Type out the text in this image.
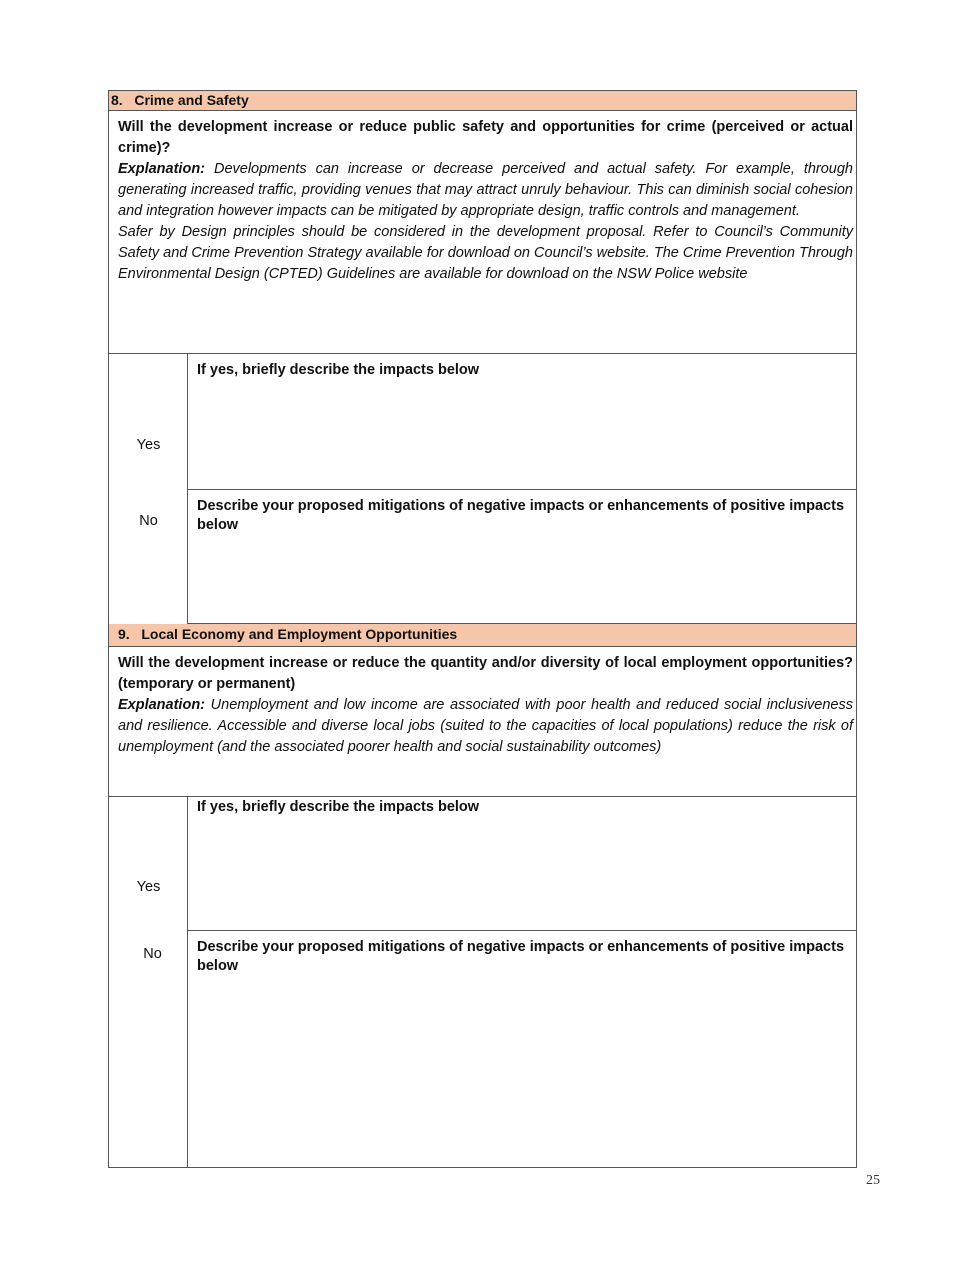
8. Crime and Safety
Will the development increase or reduce public safety and opportunities for crime (perceived or actual crime)?
Explanation: Developments can increase or decrease perceived and actual safety. For example, through generating increased traffic, providing venues that may attract unruly behaviour. This can diminish social cohesion and integration however impacts can be mitigated by appropriate design, traffic controls and management.
Safer by Design principles should be considered in the development proposal. Refer to Council’s Community Safety and Crime Prevention Strategy available for download on Council’s website. The Crime Prevention Through Environmental Design (CPTED) Guidelines are available for download on the NSW Police website
Yes
No
If yes, briefly describe the impacts below
Describe your proposed mitigations of negative impacts or enhancements of positive impacts below
9. Local Economy and Employment Opportunities
Will the development increase or reduce the quantity and/or diversity of local employment opportunities? (temporary or permanent)
Explanation: Unemployment and low income are associated with poor health and reduced social inclusiveness and resilience. Accessible and diverse local jobs (suited to the capacities of local populations) reduce the risk of unemployment (and the associated poorer health and social sustainability outcomes)
Yes
No
If yes, briefly describe the impacts below
Describe your proposed mitigations of negative impacts or enhancements of positive impacts below
25
